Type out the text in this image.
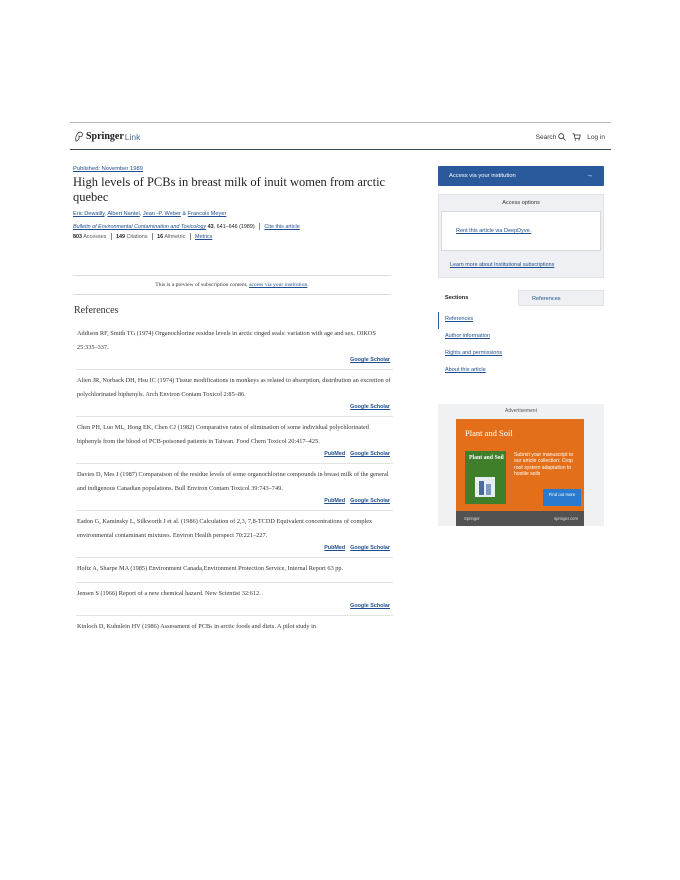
Springer Link	Search	Log in
Published: November 1989
High levels of PCBs in breast milk of inuit women from arctic quebec
Eric Dewailly, Albert Nantel, Jean -P. Weber & Francois Meyer
Bulletin of Environmental Contamination and Toxicology 43, 641–646 (1989) Cite this article
803 Accesses 149 Citations 16 Altmetric Metrics
This is a preview of subscription content, access via your institution.
References
Addison RF, Smith TG (1974) Organochlorine residue levels in arctic ringed seals: variation with age and sex. OIKOS 25:335–337.
Google Scholar
Alien JR, Norback DH, Hsu IC (1974) Tissue modifications in monkeys as related to absorption, distribution an excretion of polychlorinated biphenyls. Arch Environ Contam Toxicol 2:85–86.
Google Scholar
Chen PH, Luo ML, Hong EK, Chen CJ (1982) Comparative rates of elimination of some individual polychlorinated biphenyls from the blood of PCB-poisoned patients in Taiwan. Food Chem Toxicol 20:417–425.
PubMed Google Scholar
Davies D, Mes J (1987) Comparaison of the residue levels of some organochlorine compounds in breast milk of the general and indigenous Canadian populations. Bull Environ Contam Toxicol 39:743–749.
PubMed Google Scholar
Eadon G, Kaminsky L, Silkworth J et al. (1986) Calculation of 2,3, 7,8-TCDD Equivalent concentrations of complex environmental contaminant mixtures. Environ Health perspect 70:221–227.
PubMed Google Scholar
Holtz A, Sharpe MA (1985) Environment Canada,Environment Protection Service, Internal Report 63 pp.
Jensen S (1966) Report of a new chemical hazard. New Scientist 32:612.
Google Scholar
Kinloch D, Kuhnlein HV (1986) Assessment of PCBₛ in arctic foods and diets. A pilot study in
Access via your institution	→
Access options
Rent this article via DeepDyve.
Learn more about Institutional subscriptions
Sections	References
References
Author information
Rights and permissions
About this article
Advertisement
Plant and Soil
Plant and Soil Submit your manuscript to our article collection: Crop root system adaptation to hostile soils
Find out more
Springer	springer.com
